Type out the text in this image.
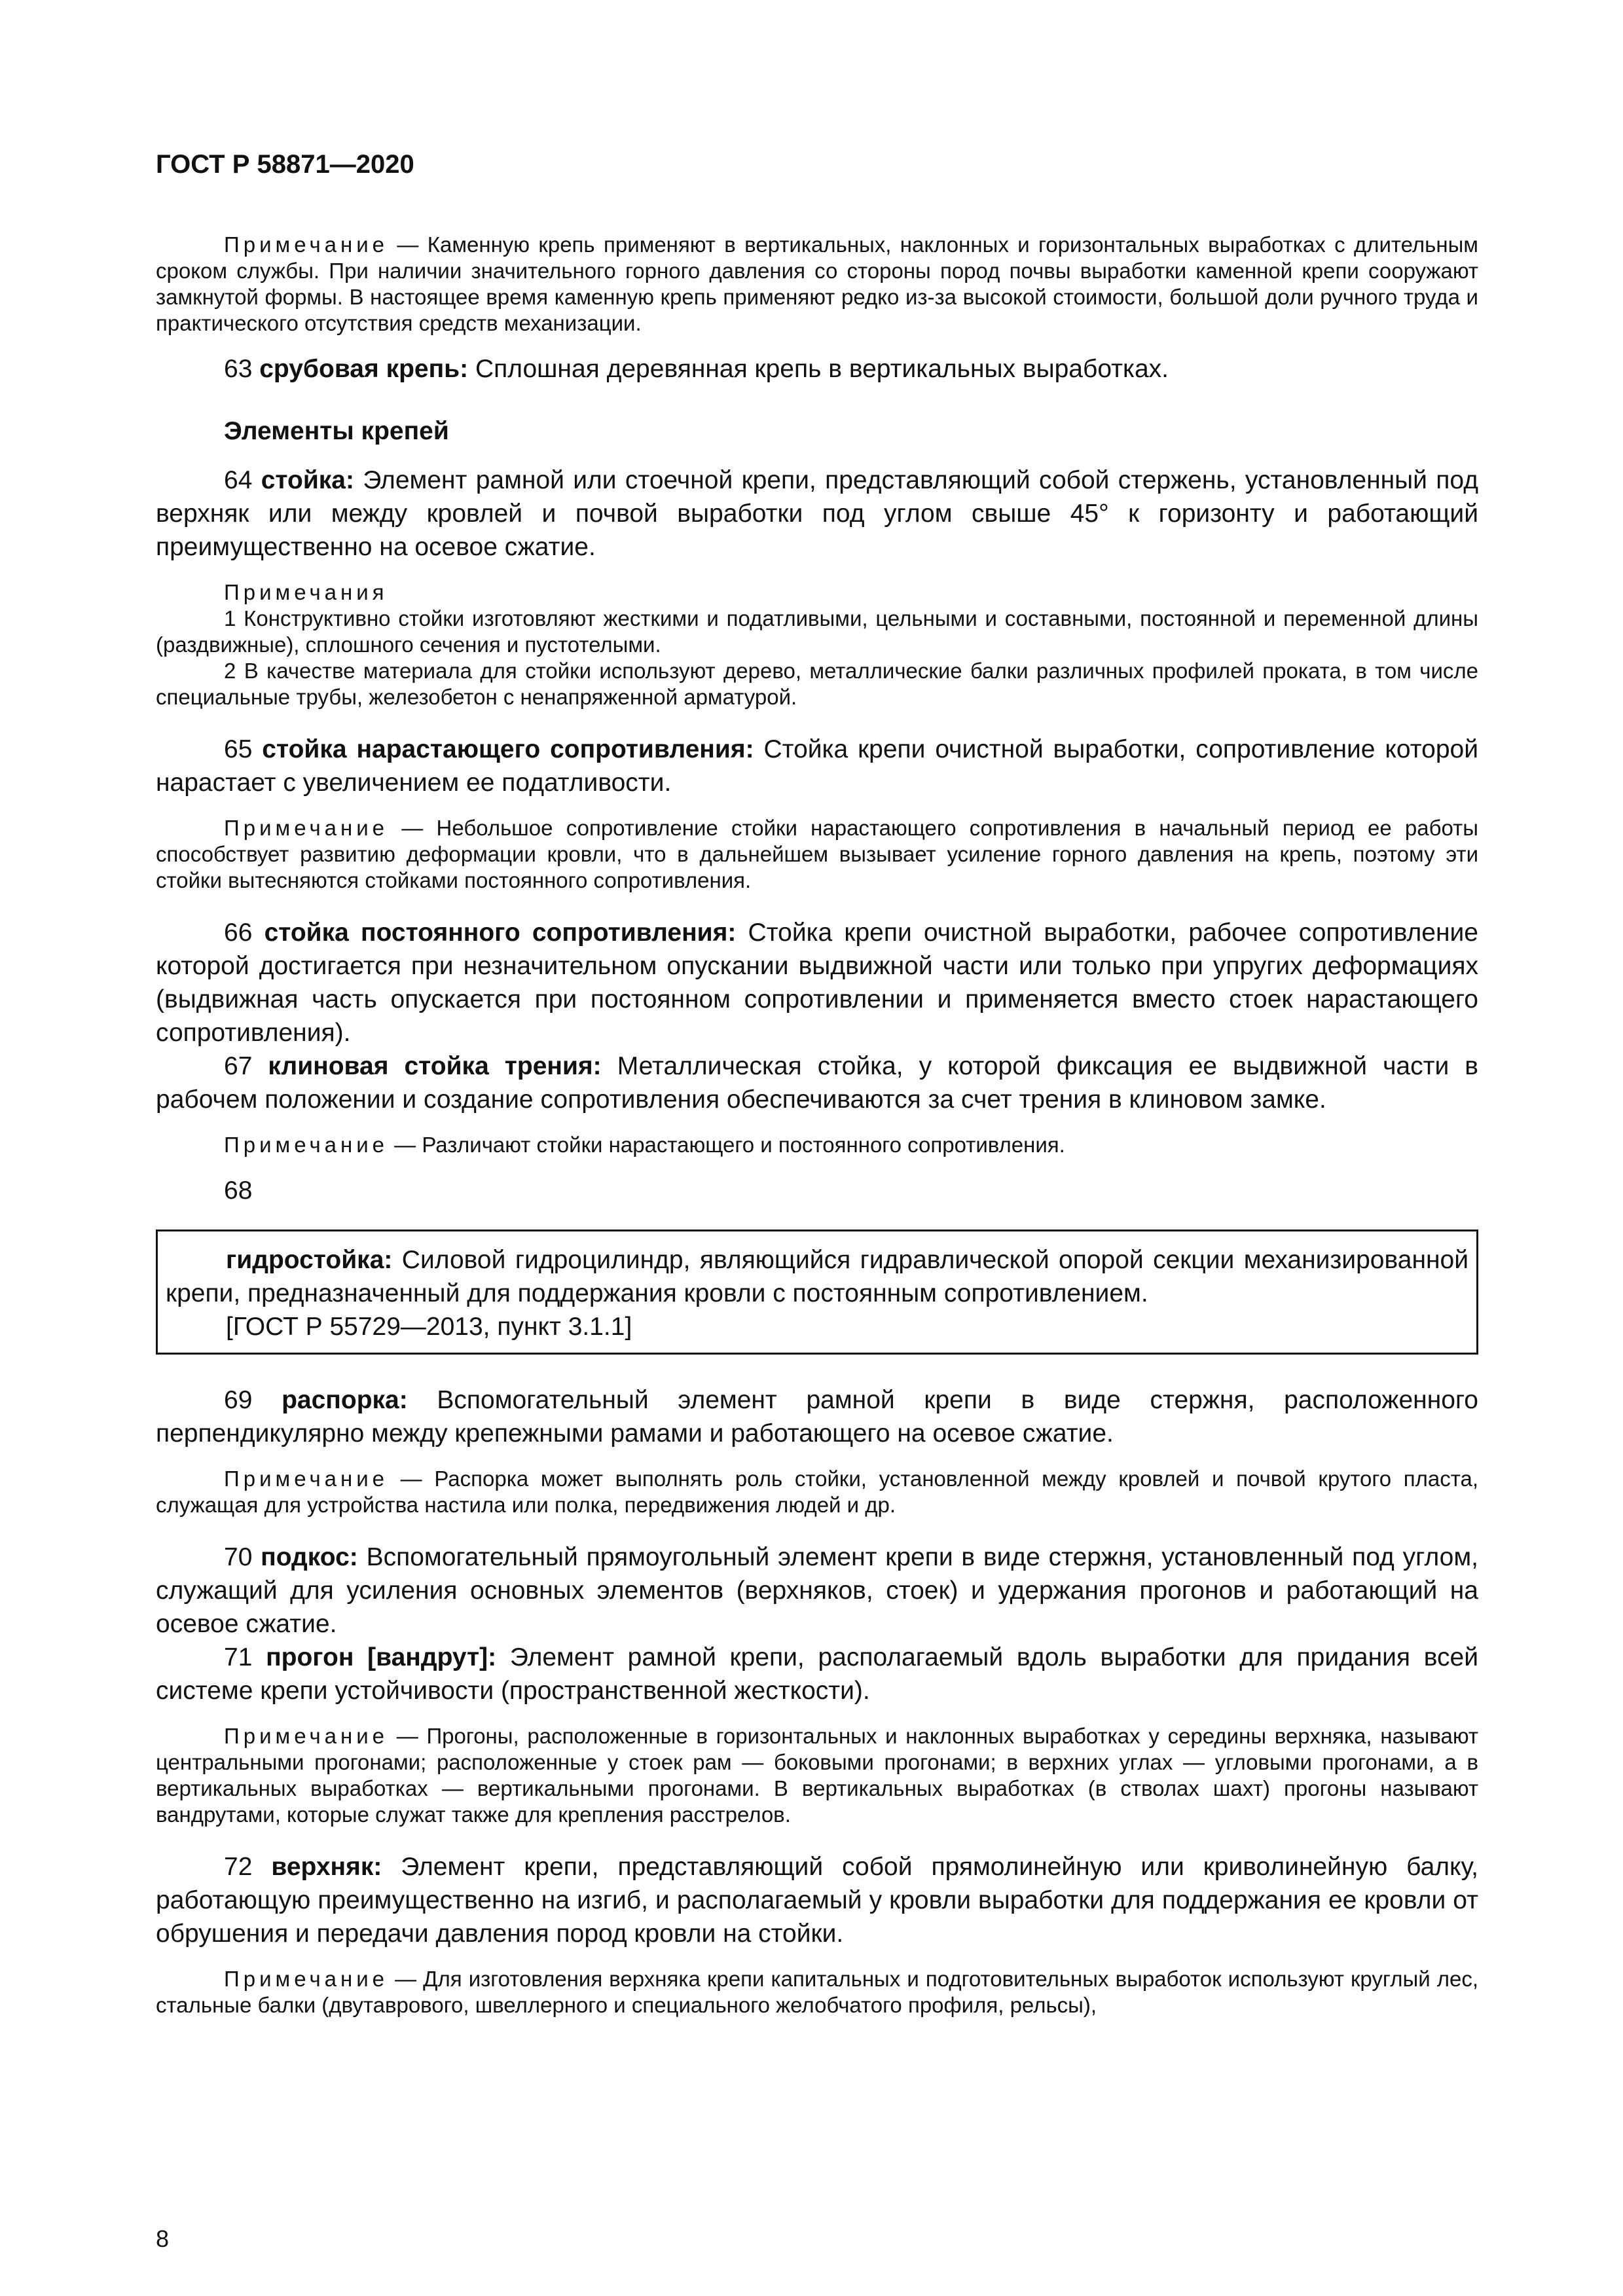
ГОСТ Р 58871—2020

Примечание — Каменную крепь применяют в вертикальных, наклонных и горизонтальных выработках с длительным сроком службы. При наличии значительного горного давления со стороны пород почвы выработки каменной крепи сооружают замкнутой формы. В настоящее время каменную крепь применяют редко из-за высокой стоимости, большой доли ручного труда и практического отсутствия средств механизации.

63 срубовая крепь: Сплошная деревянная крепь в вертикальных выработках.

Элементы крепей

64 стойка: Элемент рамной или стоечной крепи, представляющий собой стержень, установленный под верхняк или между кровлей и почвой выработки под углом свыше 45° к горизонту и работающий преимущественно на осевое сжатие.

Примечания

1 Конструктивно стойки изготовляют жесткими и податливыми, цельными и составными, постоянной и переменной длины (раздвижные), сплошного сечения и пустотелыми.

2 В качестве материала для стойки используют дерево, металлические балки различных профилей проката, в том числе специальные трубы, железобетон с ненапряженной арматурой.

65 стойка нарастающего сопротивления: Стойка крепи очистной выработки, сопротивление которой нарастает с увеличением ее податливости.

Примечание — Небольшое сопротивление стойки нарастающего сопротивления в начальный период ее работы способствует развитию деформации кровли, что в дальнейшем вызывает усиление горного давления на крепь, поэтому эти стойки вытесняются стойками постоянного сопротивления.

66 стойка постоянного сопротивления: Стойка крепи очистной выработки, рабочее сопротивление которой достигается при незначительном опускании выдвижной части или только при упругих деформациях (выдвижная часть опускается при постоянном сопротивлении и применяется вместо стоек нарастающего сопротивления).

67 клиновая стойка трения: Металлическая стойка, у которой фиксация ее выдвижной части в рабочем положении и создание сопротивления обеспечиваются за счет трения в клиновом замке.

Примечание — Различают стойки нарастающего и постоянного сопротивления.

68

гидростойка: Силовой гидроцилиндр, являющийся гидравлической опорой секции механизированной крепи, предназначенный для поддержания кровли с постоянным сопротивлением.

[ГОСТ Р 55729—2013, пункт 3.1.1]

69 распорка: Вспомогательный элемент рамной крепи в виде стержня, расположенного перпендикулярно между крепежными рамами и работающего на осевое сжатие.

Примечание — Распорка может выполнять роль стойки, установленной между кровлей и почвой крутого пласта, служащая для устройства настила или полка, передвижения людей и др.

70 подкос: Вспомогательный прямоугольный элемент крепи в виде стержня, установленный под углом, служащий для усиления основных элементов (верхняков, стоек) и удержания прогонов и работающий на осевое сжатие.

71 прогон [вандрут]: Элемент рамной крепи, располагаемый вдоль выработки для придания всей системе крепи устойчивости (пространственной жесткости).

Примечание — Прогоны, расположенные в горизонтальных и наклонных выработках у середины верхняка, называют центральными прогонами; расположенные у стоек рам — боковыми прогонами; в верхних углах — угловыми прогонами, а в вертикальных выработках — вертикальными прогонами. В вертикальных выработках (в стволах шахт) прогоны называют вандрутами, которые служат также для крепления расстрелов.

72 верхняк: Элемент крепи, представляющий собой прямолинейную или криволинейную балку, работающую преимущественно на изгиб, и располагаемый у кровли выработки для поддержания ее кровли от обрушения и передачи давления пород кровли на стойки.

Примечание — Для изготовления верхняка крепи капитальных и подготовительных выработок используют круглый лес, стальные балки (двутаврового, швеллерного и специального желобчатого профиля, рельсы),

8
